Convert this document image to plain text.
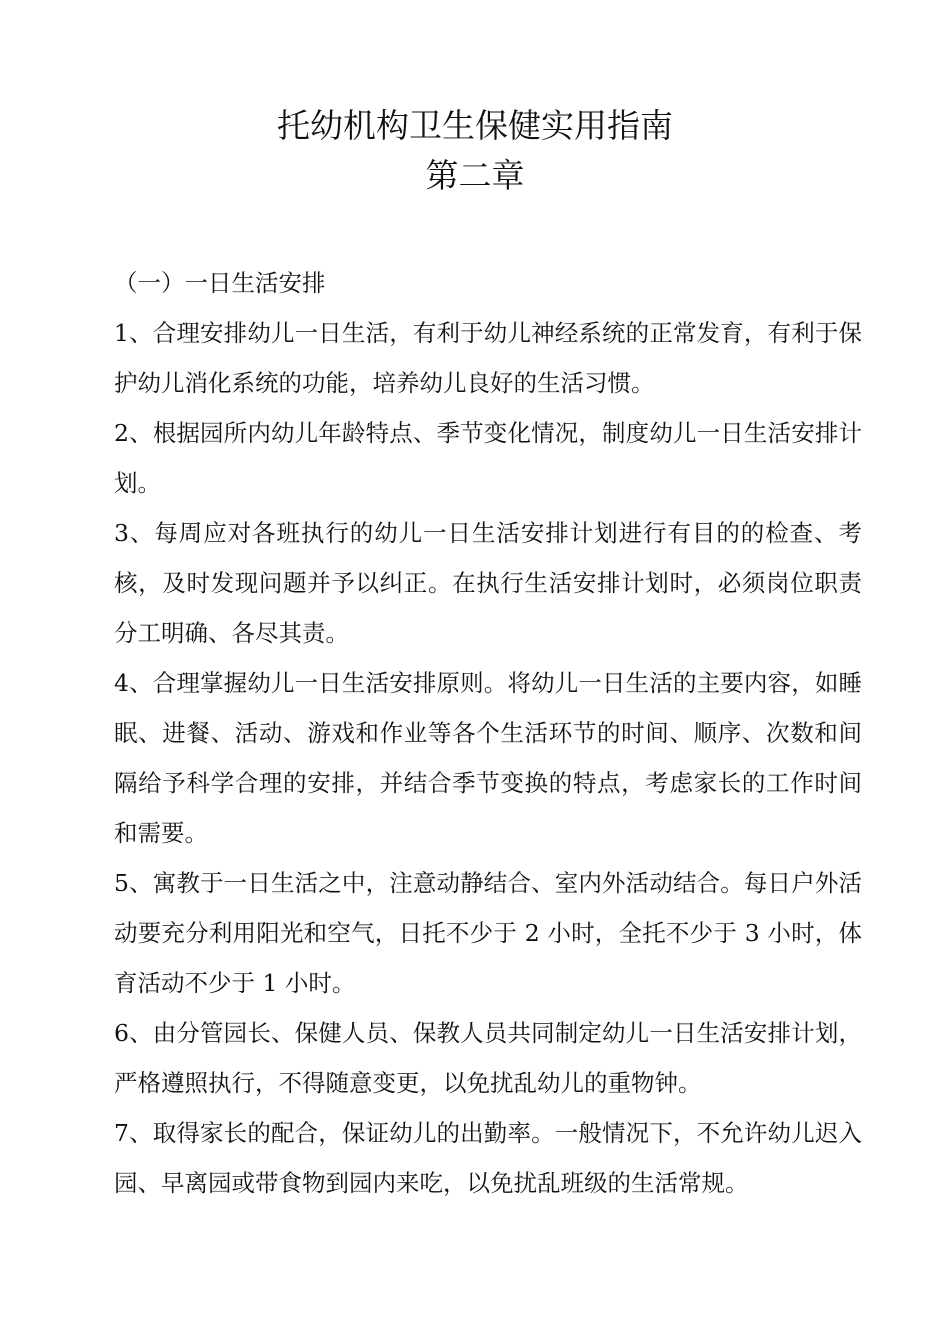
托幼机构卫生保健实用指南
第二章
（一）一日生活安排

1、合理安排幼儿一日生活，有利于幼儿神经系统的正常发育，有利于保护幼儿消化系统的功能，培养幼儿良好的生活习惯。

2、根据园所内幼儿年龄特点、季节变化情况，制度幼儿一日生活安排计划。

3、每周应对各班执行的幼儿一日生活安排计划进行有目的的检查、考核，及时发现问题并予以纠正。在执行生活安排计划时，必须岗位职责分工明确、各尽其责。

4、合理掌握幼儿一日生活安排原则。将幼儿一日生活的主要内容，如睡眠、进餐、活动、游戏和作业等各个生活环节的时间、顺序、次数和间隔给予科学合理的安排，并结合季节变换的特点，考虑家长的工作时间和需要。

5、寓教于一日生活之中，注意动静结合、室内外活动结合。每日户外活动要充分利用阳光和空气，日托不少于 2 小时，全托不少于 3 小时，体育活动不少于 1 小时。

6、由分管园长、保健人员、保教人员共同制定幼儿一日生活安排计划，严格遵照执行，不得随意变更，以免扰乱幼儿的重物钟。

7、取得家长的配合，保证幼儿的出勤率。一般情况下，不允许幼儿迟入园、早离园或带食物到园内来吃，以免扰乱班级的生活常规。
